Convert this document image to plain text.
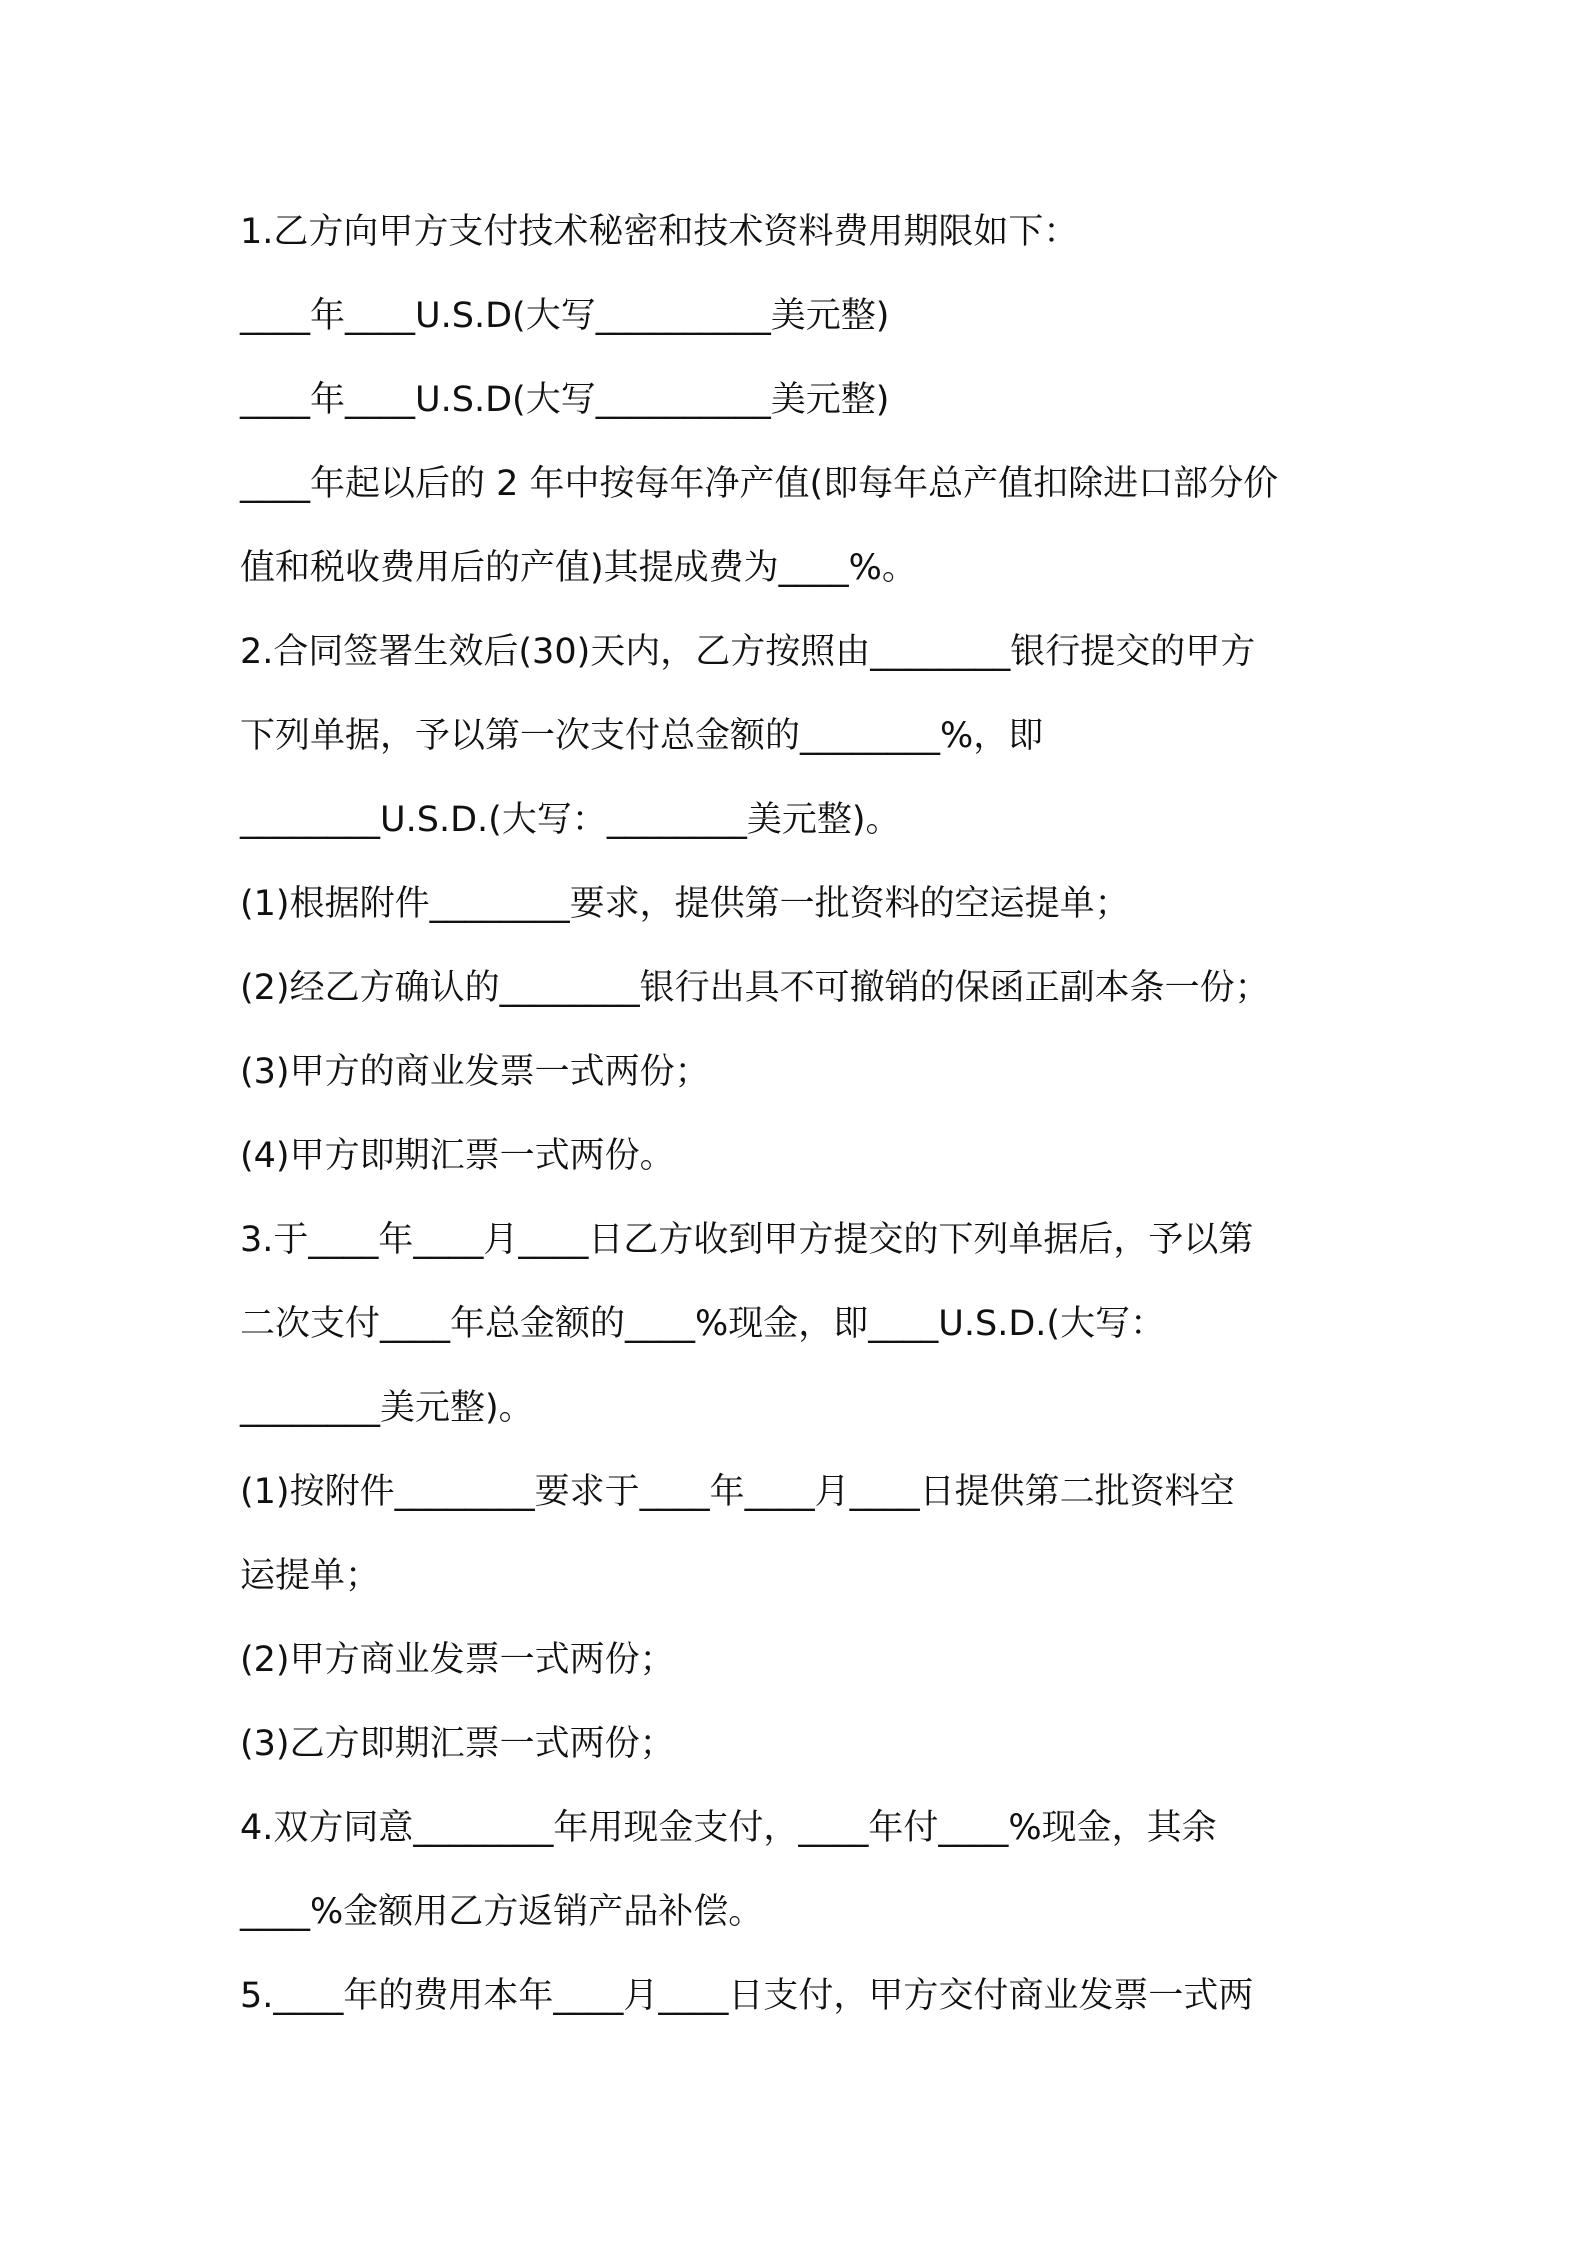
1.乙方向甲方支付技术秘密和技术资料费用期限如下：
____年____U.S.D(大写__________美元整)
____年____U.S.D(大写__________美元整)
____年起以后的 2 年中按每年净产值(即每年总产值扣除进口部分价
值和税收费用后的产值)其提成费为____%。
2.合同签署生效后(30)天内，乙方按照由________银行提交的甲方
下列单据，予以第一次支付总金额的________%，即
________U.S.D.(大写：________美元整)。
(1)根据附件________要求，提供第一批资料的空运提单；
(2)经乙方确认的________银行出具不可撤销的保函正副本条一份；
(3)甲方的商业发票一式两份；
(4)甲方即期汇票一式两份。
3.于____年____月____日乙方收到甲方提交的下列单据后，予以第
二次支付____年总金额的____%现金，即____U.S.D.(大写：
________美元整)。
(1)按附件________要求于____年____月____日提供第二批资料空
运提单；
(2)甲方商业发票一式两份；
(3)乙方即期汇票一式两份；
4.双方同意________年用现金支付，____年付____%现金，其余
____%金额用乙方返销产品补偿。
5.____年的费用本年____月____日支付，甲方交付商业发票一式两
